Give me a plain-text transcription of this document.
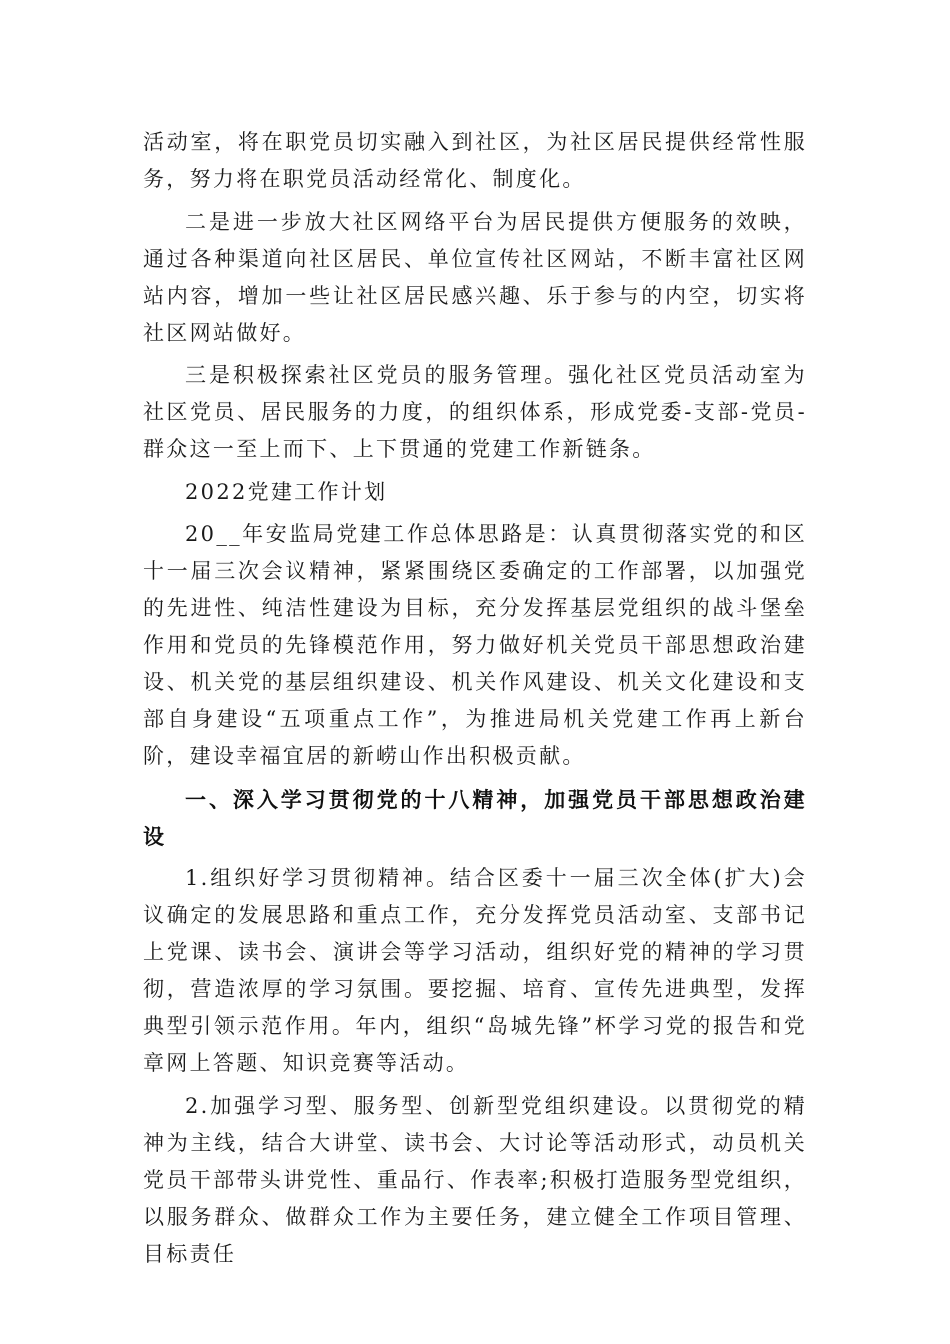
活动室，将在职党员切实融入到社区，为社区居民提供经常性服务，努力将在职党员活动经常化、制度化。

二是进一步放大社区网络平台为居民提供方便服务的效映，通过各种渠道向社区居民、单位宣传社区网站，不断丰富社区网站内容，增加一些让社区居民感兴趣、乐于参与的内空，切实将社区网站做好。

三是积极探索社区党员的服务管理。强化社区党员活动室为社区党员、居民服务的力度，的组织体系，形成党委-支部-党员-群众这一至上而下、上下贯通的党建工作新链条。

2022党建工作计划

20__年安监局党建工作总体思路是：认真贯彻落实党的和区十一届三次会议精神，紧紧围绕区委确定的工作部署，以加强党的先进性、纯洁性建设为目标，充分发挥基层党组织的战斗堡垒作用和党员的先锋模范作用，努力做好机关党员干部思想政治建设、机关党的基层组织建设、机关作风建设、机关文化建设和支部自身建设“五项重点工作”，为推进局机关党建工作再上新台阶，建设幸福宜居的新崂山作出积极贡献。

一、深入学习贯彻党的十八精神，加强党员干部思想政治建设

1.组织好学习贯彻精神。结合区委十一届三次全体(扩大)会议确定的发展思路和重点工作，充分发挥党员活动室、支部书记上党课、读书会、演讲会等学习活动，组织好党的精神的学习贯彻，营造浓厚的学习氛围。要挖掘、培育、宣传先进典型，发挥典型引领示范作用。年内，组织“岛城先锋”杯学习党的报告和党章网上答题、知识竞赛等活动。

2.加强学习型、服务型、创新型党组织建设。以贯彻党的精神为主线，结合大讲堂、读书会、大讨论等活动形式，动员机关党员干部带头讲党性、重品行、作表率;积极打造服务型党组织，以服务群众、做群众工作为主要任务，建立健全工作项目管理、目标责任
